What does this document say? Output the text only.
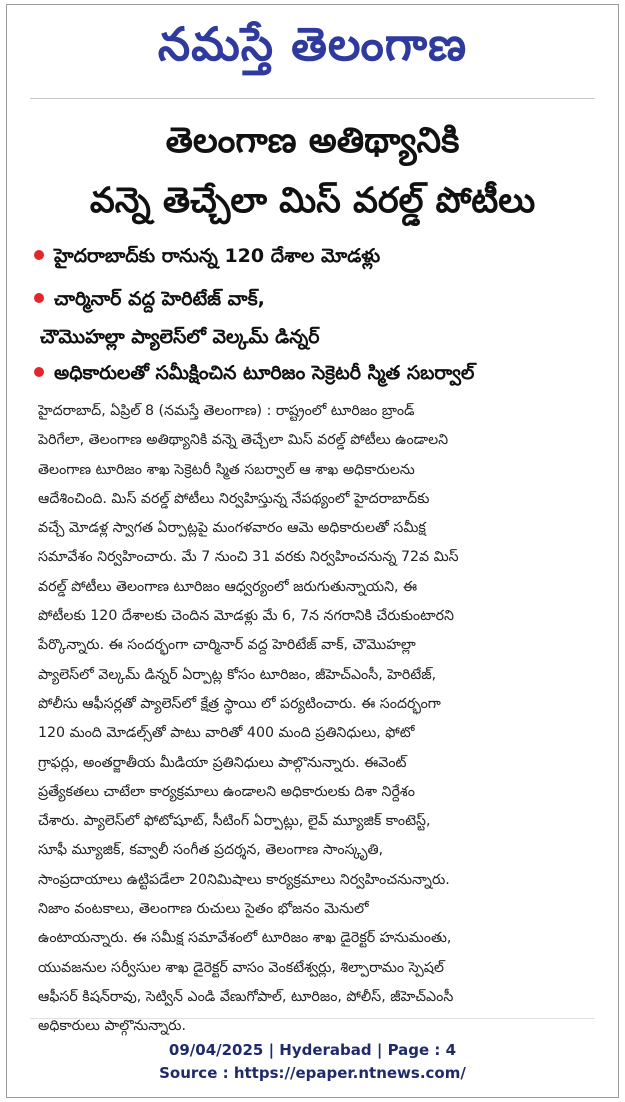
నమస్తే తెలంగాణ
తెలంగాణ అతిథ్యానికి
వన్నె తెచ్చేలా మిస్ వరల్డ్ పోటీలు
హైదరాబాద్‌కు రానున్న 120 దేశాల మోడళ్లు
చార్మినార్ వద్ద హెరిటేజ్ వాక్,
చౌమొహల్లా ప్యాలెస్‌లో వెల్కమ్ డిన్నర్
అధికారులతో సమీక్షించిన టూరిజం సెక్రెటరీ స్మిత సబర్వాల్
హైదరాబాద్, ఏప్రిల్ 8 (నమస్తే తెలంగాణ) : రాష్ట్రంలో టూరిజం బ్రాండ్
పెరిగేలా, తెలంగాణ అతిథ్యానికి వన్నె తెచ్చేలా మిస్ వరల్డ్ పోటీలు ఉండాలని
తెలంగాణ టూరిజం శాఖ సెక్రెటరీ స్మిత సబర్వాల్ ఆ శాఖ అధికారులను
ఆదేశించింది. మిస్ వరల్డ్ పోటీలు నిర్వహిస్తున్న నేపథ్యంలో హైదరాబాద్‌కు
వచ్చే మోడళ్ల స్వాగత ఏర్పాట్లపై మంగళవారం ఆమె అధికారులతో సమీక్ష
సమావేశం నిర్వహించారు. మే 7 నుంచి 31 వరకు నిర్వహించనున్న 72వ మిస్
వరల్డ్ పోటీలు తెలంగాణ టూరిజం ఆధ్వర్యంలో జరుగుతున్నాయని, ఈ
పోటీలకు 120 దేశాలకు చెందిన మోడళ్లు మే 6, 7న నగరానికి చేరుకుంటారని
పేర్కొన్నారు. ఈ సందర్భంగా చార్మినార్ వద్ద హెరిటేజ్ వాక్, చౌమొహల్లా
ప్యాలెస్‌లో వెల్కమ్ డిన్నర్ ఏర్పాట్ల కోసం టూరిజం, జీహెచ్ఎంసీ, హెరిటేజ్,
పోలీసు ఆఫీసర్లతో ప్యాలెస్‌లో క్షేత్ర స్థాయి లో పర్యటించారు. ఈ సందర్భంగా
120 మంది మోడల్స్‌తో పాటు వారితో 400 మంది ప్రతినిధులు, ఫోటో
గ్రాఫర్లు, అంతర్జాతీయ మీడియా ప్రతినిధులు పాల్గొనున్నారు. ఈవెంట్
ప్రత్యేకతలు చాటేలా కార్యక్రమాలు ఉండాలని అధికారులకు దిశా నిర్దేశం
చేశారు. ప్యాలెస్‌లో ఫోటోషూట్, సీటింగ్ ఏర్పాట్లు, లైవ్ మ్యూజిక్ కాంటెస్ట్,
సూఫీ మ్యూజిక్, కవ్వాలీ సంగీత ప్రదర్శన, తెలంగాణ సాంస్కృతి,
సాంప్రదాయాలు ఉట్టిపడేలా 20నిమిషాలు కార్యక్రమాలు నిర్వహించనున్నారు.
నిజాం వంటకాలు, తెలంగాణ రుచులు సైతం భోజనం మెనులో
ఉంటాయన్నారు. ఈ సమీక్ష సమావేశంలో టూరిజం శాఖ డైరెక్టర్ హనుమంతు,
యువజనుల సర్వీసుల శాఖ డైరెక్టర్ వాసం వెంకటేశ్వర్లు, శిల్పారామం స్పెషల్
ఆఫీసర్ కిషన్‌రావు, సెట్విన్ ఎండి వేణుగోపాల్, టూరిజం, పోలీస్, జీహెచ్ఎంసీ
అధికారులు పాల్గొనున్నారు.
09/04/2025 | Hyderabad | Page : 4
Source : https://epaper.ntnews.com/
